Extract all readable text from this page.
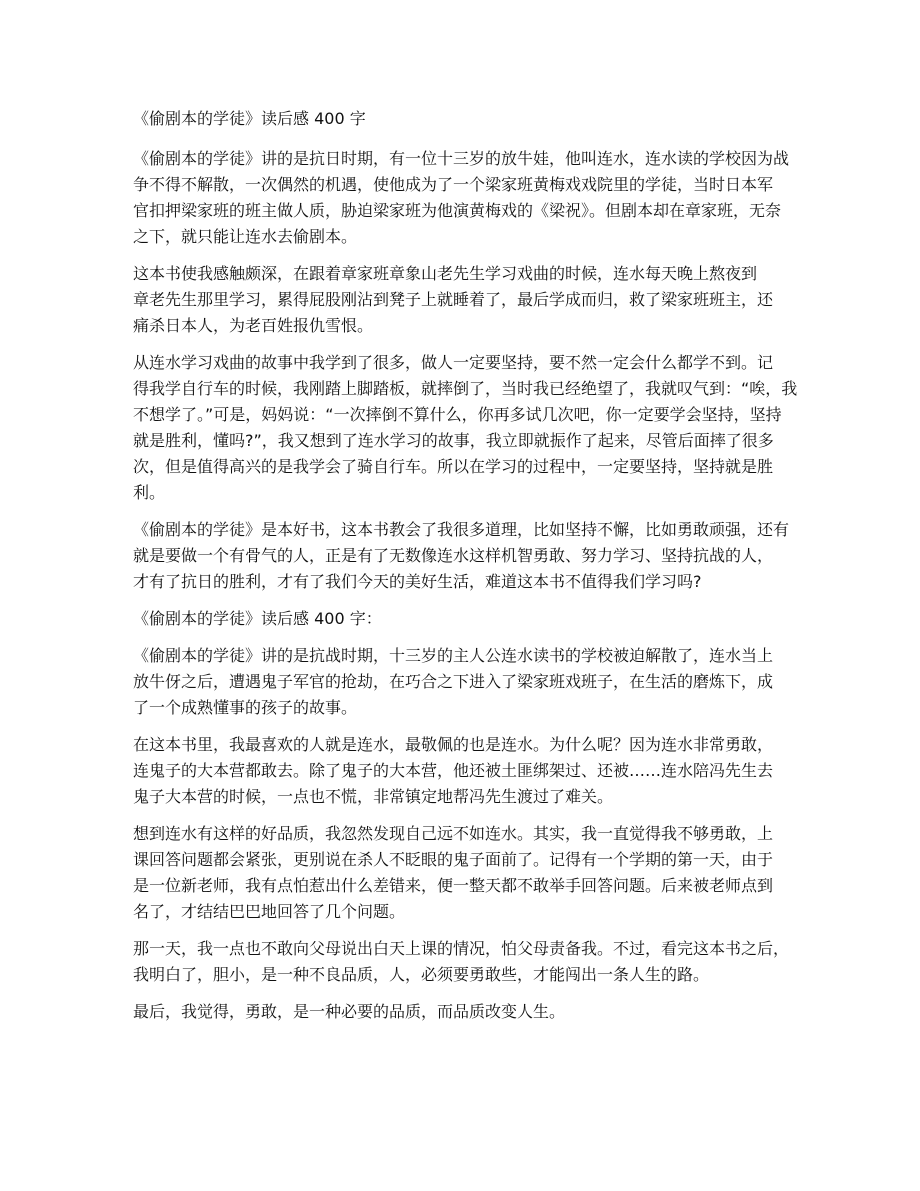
《偷剧本的学徒》读后感 400 字

《偷剧本的学徒》讲的是抗日时期，有一位十三岁的放牛娃，他叫连水，连水读的学校因为战
争不得不解散，一次偶然的机遇，使他成为了一个梁家班黄梅戏戏院里的学徒，当时日本军
官扣押梁家班的班主做人质，胁迫梁家班为他演黄梅戏的《梁祝》。但剧本却在章家班，无奈
之下，就只能让连水去偷剧本。

这本书使我感触颇深，在跟着章家班章象山老先生学习戏曲的时候，连水每天晚上熬夜到
章老先生那里学习，累得屁股刚沾到凳子上就睡着了，最后学成而归，救了梁家班班主，还
痛杀日本人，为老百姓报仇雪恨。

从连水学习戏曲的故事中我学到了很多，做人一定要坚持，要不然一定会什么都学不到。记
得我学自行车的时候，我刚踏上脚踏板，就摔倒了，当时我已经绝望了，我就叹气到：“唉，我
不想学了。”可是，妈妈说：“一次摔倒不算什么，你再多试几次吧，你一定要学会坚持，坚持
就是胜利，懂吗?”，我又想到了连水学习的故事，我立即就振作了起来，尽管后面摔了很多
次，但是值得高兴的是我学会了骑自行车。所以在学习的过程中，一定要坚持，坚持就是胜
利。

《偷剧本的学徒》是本好书，这本书教会了我很多道理，比如坚持不懈，比如勇敢顽强，还有
就是要做一个有骨气的人，正是有了无数像连水这样机智勇敢、努力学习、坚持抗战的人，
才有了抗日的胜利，才有了我们今天的美好生活，难道这本书不值得我们学习吗?

《偷剧本的学徒》读后感 400 字：

《偷剧本的学徒》讲的是抗战时期，十三岁的主人公连水读书的学校被迫解散了，连水当上
放牛伢之后，遭遇鬼子军官的抢劫，在巧合之下进入了梁家班戏班子，在生活的磨炼下，成
了一个成熟懂事的孩子的故事。

在这本书里，我最喜欢的人就是连水，最敬佩的也是连水。为什么呢？因为连水非常勇敢，
连鬼子的大本营都敢去。除了鬼子的大本营，他还被土匪绑架过、还被……连水陪冯先生去
鬼子大本营的时候，一点也不慌，非常镇定地帮冯先生渡过了难关。

想到连水有这样的好品质，我忽然发现自己远不如连水。其实，我一直觉得我不够勇敢，上
课回答问题都会紧张，更别说在杀人不眨眼的鬼子面前了。记得有一个学期的第一天，由于
是一位新老师，我有点怕惹出什么差错来，便一整天都不敢举手回答问题。后来被老师点到
名了，才结结巴巴地回答了几个问题。

那一天，我一点也不敢向父母说出白天上课的情况，怕父母责备我。不过，看完这本书之后，
我明白了，胆小，是一种不良品质，人，必须要勇敢些，才能闯出一条人生的路。

最后，我觉得，勇敢，是一种必要的品质，而品质改变人生。
